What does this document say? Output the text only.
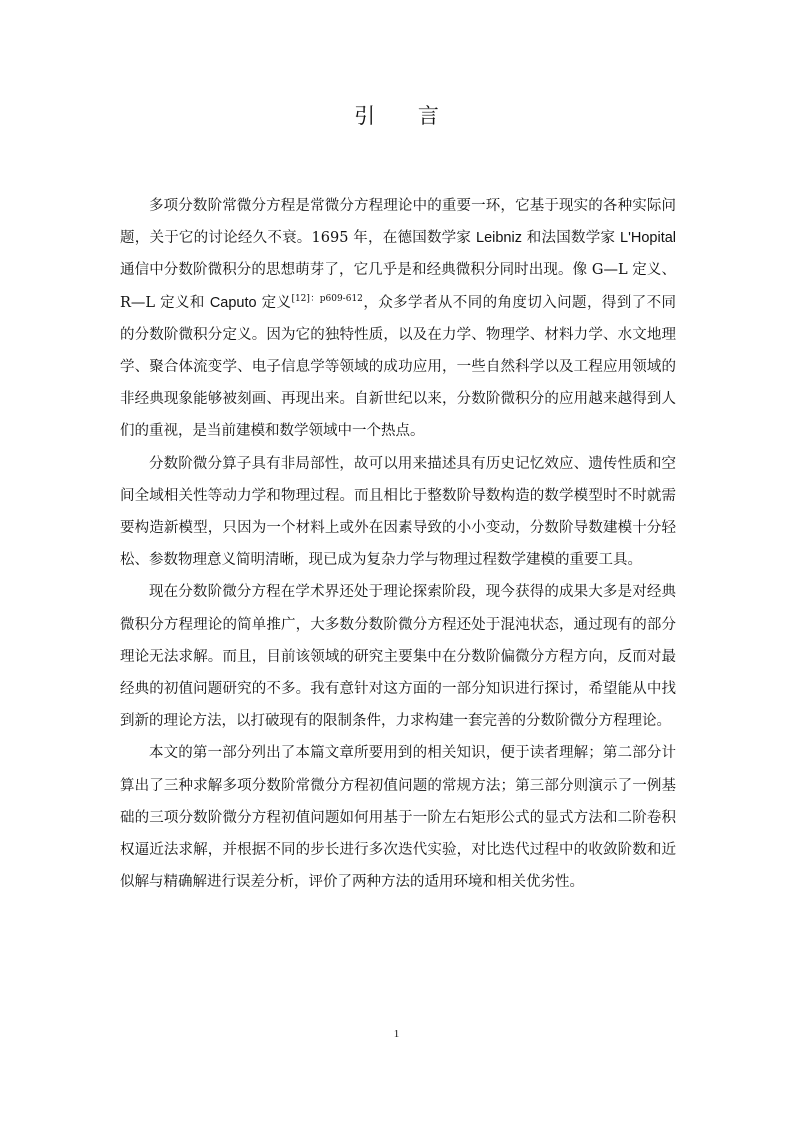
引 言

多项分数阶常微分方程是常微分方程理论中的重要一环，它基于现实的各种实际问题，关于它的讨论经久不衰。1695 年，在德国数学家 Leibniz 和法国数学家 L'Hopital 通信中分数阶微积分的思想萌芽了，它几乎是和经典微积分同时出现。像 G—L 定义、R—L 定义和 Caputo 定义$^{[12]:p609-612}$，众多学者从不同的角度切入问题，得到了不同的分数阶微积分定义。因为它的独特性质，以及在力学、物理学、材料力学、水文地理学、聚合体流变学、电子信息学等领域的成功应用，一些自然科学以及工程应用领域的非经典现象能够被刻画、再现出来。自新世纪以来，分数阶微积分的应用越来越得到人们的重视，是当前建模和数学领域中一个热点。

分数阶微分算子具有非局部性，故可以用来描述具有历史记忆效应、遗传性质和空间全域相关性等动力学和物理过程。而且相比于整数阶导数构造的数学模型时不时就需要构造新模型，只因为一个材料上或外在因素导致的小小变动，分数阶导数建模十分轻松、参数物理意义简明清晰，现已成为复杂力学与物理过程数学建模的重要工具。

现在分数阶微分方程在学术界还处于理论探索阶段，现今获得的成果大多是对经典微积分方程理论的简单推广，大多数分数阶微分方程还处于混沌状态，通过现有的部分理论无法求解。而且，目前该领域的研究主要集中在分数阶偏微分方程方向，反而对最经典的初值问题研究的不多。我有意针对这方面的一部分知识进行探讨，希望能从中找到新的理论方法，以打破现有的限制条件，力求构建一套完善的分数阶微分方程理论。

本文的第一部分列出了本篇文章所要用到的相关知识，便于读者理解；第二部分计算出了三种求解多项分数阶常微分方程初值问题的常规方法；第三部分则演示了一例基础的三项分数阶微分方程初值问题如何用基于一阶左右矩形公式的显式方法和二阶卷积权逼近法求解，并根据不同的步长进行多次迭代实验，对比迭代过程中的收敛阶数和近似解与精确解进行误差分析，评价了两种方法的适用环境和相关优劣性。

1
